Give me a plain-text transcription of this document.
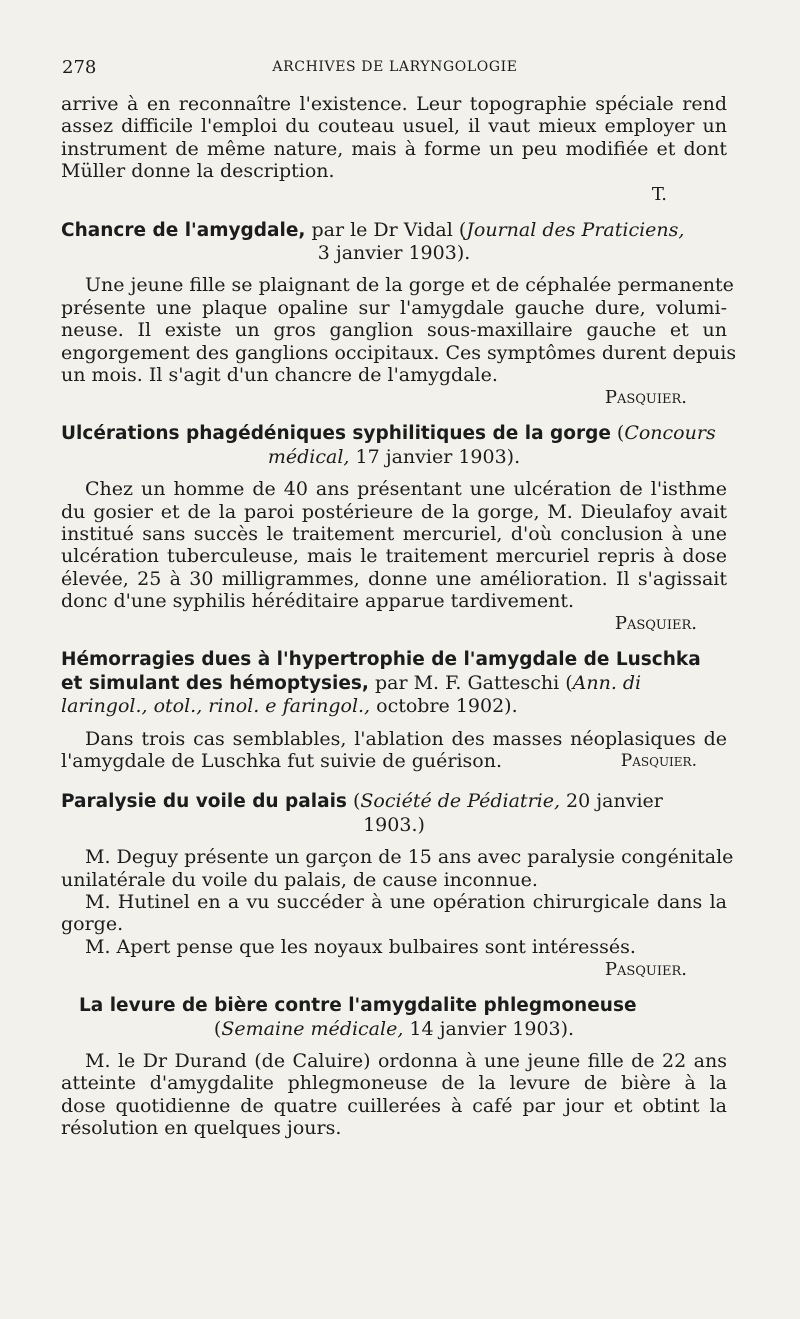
278	ARCHIVES DE LARYNGOLOGIE
arrive à en reconnaître l'existence. Leur topographie spéciale rend
assez difficile l'emploi du couteau usuel, il vaut mieux employer un
instrument de même nature, mais à forme un peu modifiée et dont
Müller donne la description.
T.
Chancre de l'amygdale, par le Dr Vidal (Journal des Praticiens,
3 janvier 1903).
Une jeune fille se plaignant de la gorge et de céphalée permanente
présente une plaque opaline sur l'amygdale gauche dure, volumi-
neuse. Il existe un gros ganglion sous-maxillaire gauche et un
engorgement des ganglions occipitaux. Ces symptômes durent depuis
un mois. Il s'agit d'un chancre de l'amygdale.
Pasquier.
Ulcérations phagédéniques syphilitiques de la gorge (Concours
médical, 17 janvier 1903).
Chez un homme de 40 ans présentant une ulcération de l'isthme
du gosier et de la paroi postérieure de la gorge, M. Dieulafoy avait
institué sans succès le traitement mercuriel, d'où conclusion à une
ulcération tuberculeuse, mais le traitement mercuriel repris à dose
élevée, 25 à 30 milligrammes, donne une amélioration. Il s'agissait
donc d'une syphilis héréditaire apparue tardivement.
Pasquier.
Hémorragies dues à l'hypertrophie de l'amygdale de Luschka
et simulant des hémoptysies, par M. F. Gatteschi (Ann. di
laringol., otol., rinol. e faringol., octobre 1902).
Dans trois cas semblables, l'ablation des masses néoplasiques de
l'amygdale de Luschka fut suivie de guérison.	Pasquier.
Paralysie du voile du palais (Société de Pédiatrie, 20 janvier
1903.)
M. Deguy présente un garçon de 15 ans avec paralysie congénitale
unilatérale du voile du palais, de cause inconnue.
M. Hutinel en a vu succéder à une opération chirurgicale dans la
gorge.
M. Apert pense que les noyaux bulbaires sont intéressés.
Pasquier.
La levure de bière contre l'amygdalite phlegmoneuse
(Semaine médicale, 14 janvier 1903).
M. le Dr Durand (de Caluire) ordonna à une jeune fille de 22 ans
atteinte d'amygdalite phlegmoneuse de la levure de bière à la
dose quotidienne de quatre cuillerées à café par jour et obtint la
résolution en quelques jours.
